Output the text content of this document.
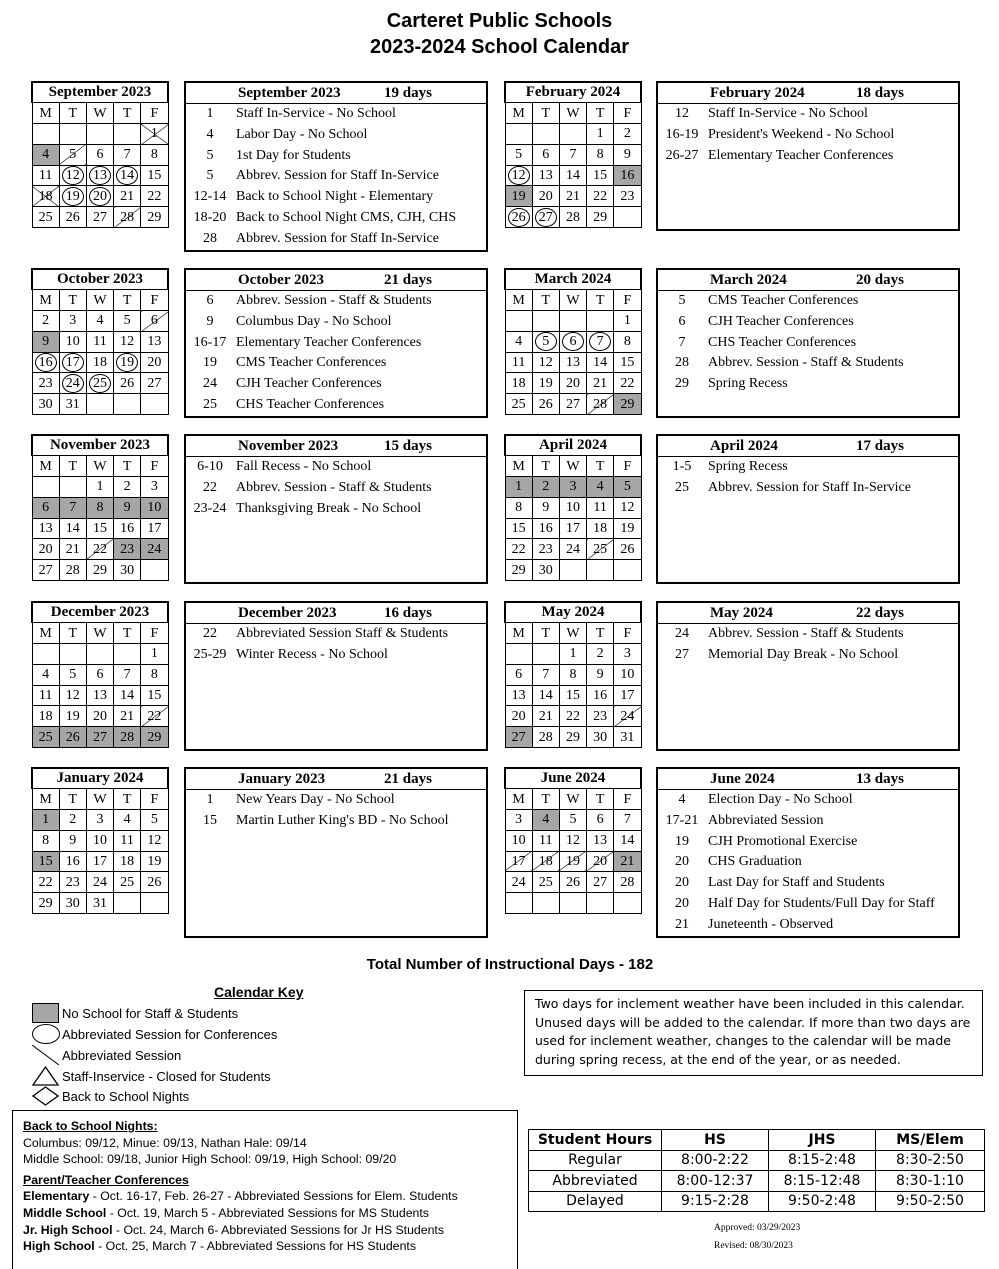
Carteret Public Schools
2023-2024 School Calendar
September 2023				
M	T	W	T	F
				1
4	5	6	7	8
11	12	13	14	15
18	19	20	21	22
25	26	27	28	29
September 2023	19 days
1	Staff In-Service - No School
4	Labor Day - No School
5	1st Day for Students
5	Abbrev. Session for Staff In-Service
12-14 Back to School Night - Elementary
18-20 Back to School Night CMS, CJH, CHS
28	Abbrev. Session for Staff In-Service
February 2024				
M	T	W	T	F
			1	2
5	6	7	8	9
12	13	14	15	16
19	20	21	22	23
26	27	28	29	
February 2024	18 days
12	Staff In-Service - No School
16-19 President's Weekend - No School
26-27 Elementary Teacher Conferences
October 2023				
M	T	W	T	F
2	3	4	5	6
9	10	11	12	13
16	17	18	19	20
23	24	25	26	27
30	31			
October 2023	21 days
6	Abbrev. Session - Staff & Students
9	Columbus Day - No School
16-17 Elementary Teacher Conferences
19	CMS Teacher Conferences
24	CJH Teacher Conferences
25	CHS Teacher Conferences
March 2024				
M	T	W	T	F
				1
4	5	6	7	8
11	12	13	14	15
18	19	20	21	22
25	26	27	28	29
March 2024	20 days
5	CMS Teacher Conferences
6	CJH Teacher Conferences
7	CHS Teacher Conferences
28	Abbrev. Session - Staff & Students
29	Spring Recess
November 2023				
M	T	W	T	F
		1	2	3
6	7	8	9	10
13	14	15	16	17
20	21	22	23	24
27	28	29	30	
November 2023	15 days
6-10 Fall Recess - No School
22	Abbrev. Session - Staff & Students
23-24 Thanksgiving Break - No School
April 2024				
M	T	W	T	F
1	2	3	4	5
8	9	10	11	12
15	16	17	18	19
22	23	24	25	26
29	30			
April 2024	17 days
1-5	Spring Recess
25	Abbrev. Session for Staff In-Service
December 2023				
M	T	W	T	F
				1
4	5	6	7	8
11	12	13	14	15
18	19	20	21	22
25	26	27	28	29
December 2023	16 days
22	Abbreviated Session Staff & Students
25-29 Winter Recess - No School
May 2024				
M	T	W	T	F
		1	2	3
6	7	8	9	10
13	14	15	16	17
20	21	22	23	24
27	28	29	30	31
May 2024	22 days
24	Abbrev. Session - Staff & Students
27	Memorial Day Break - No School
January 2024				
M	T	W	T	F
1	2	3	4	5
8	9	10	11	12
15	16	17	18	19
22	23	24	25	26
29	30	31		
January 2023	21 days
1	New Years Day - No School
15	Martin Luther King's BD - No School
June 2024				
M	T	W	T	F
3	4	5	6	7
10	11	12	13	14
17	18	19	20	21
24	25	26	27	28

June 2024	13 days
4	Election Day - No School
17-21 Abbreviated Session
19	CJH Promotional Exercise
20	CHS Graduation
20	Last Day for Staff and Students
20	Half Day for Students/Full Day for Staff
21	Juneteenth - Observed
Total Number of Instructional Days - 182
Calendar Key
No School for Staff & Students
Abbreviated Session for Conferences
Abbreviated Session
Staff-Inservice - Closed for Students
Back to School Nights
Two days for inclement weather have been included in this calendar. Unused days will be added to the calendar. If more than two days are used for inclement weather, changes to the calendar will be made during spring recess, at the end of the year, or as needed.
Student Hours	HS	JHS	MS/Elem
Regular	8:00-2:22	8:15-2:48	8:30-2:50
Abbreviated	8:00-12:37	8:15-12:48	8:30-1:10
Delayed	9:15-2:28	9:50-2:48	9:50-2:50
Approved: 03/29/2023
Revised: 08/30/2023
Back to School Nights:
Columbus: 09/12, Minue: 09/13, Nathan Hale: 09/14
Middle School: 09/18, Junior High School: 09/19, High School: 09/20
Parent/Teacher Conferences
Elementary - Oct. 16-17, Feb. 26-27 - Abbreviated Sessions for Elem. Students
Middle School - Oct. 19, March 5 - Abbreviated Sessions for MS Students
Jr. High School - Oct. 24, March 6- Abbreviated Sessions for Jr HS Students
High School - Oct. 25, March 7 - Abbreviated Sessions for HS Students
